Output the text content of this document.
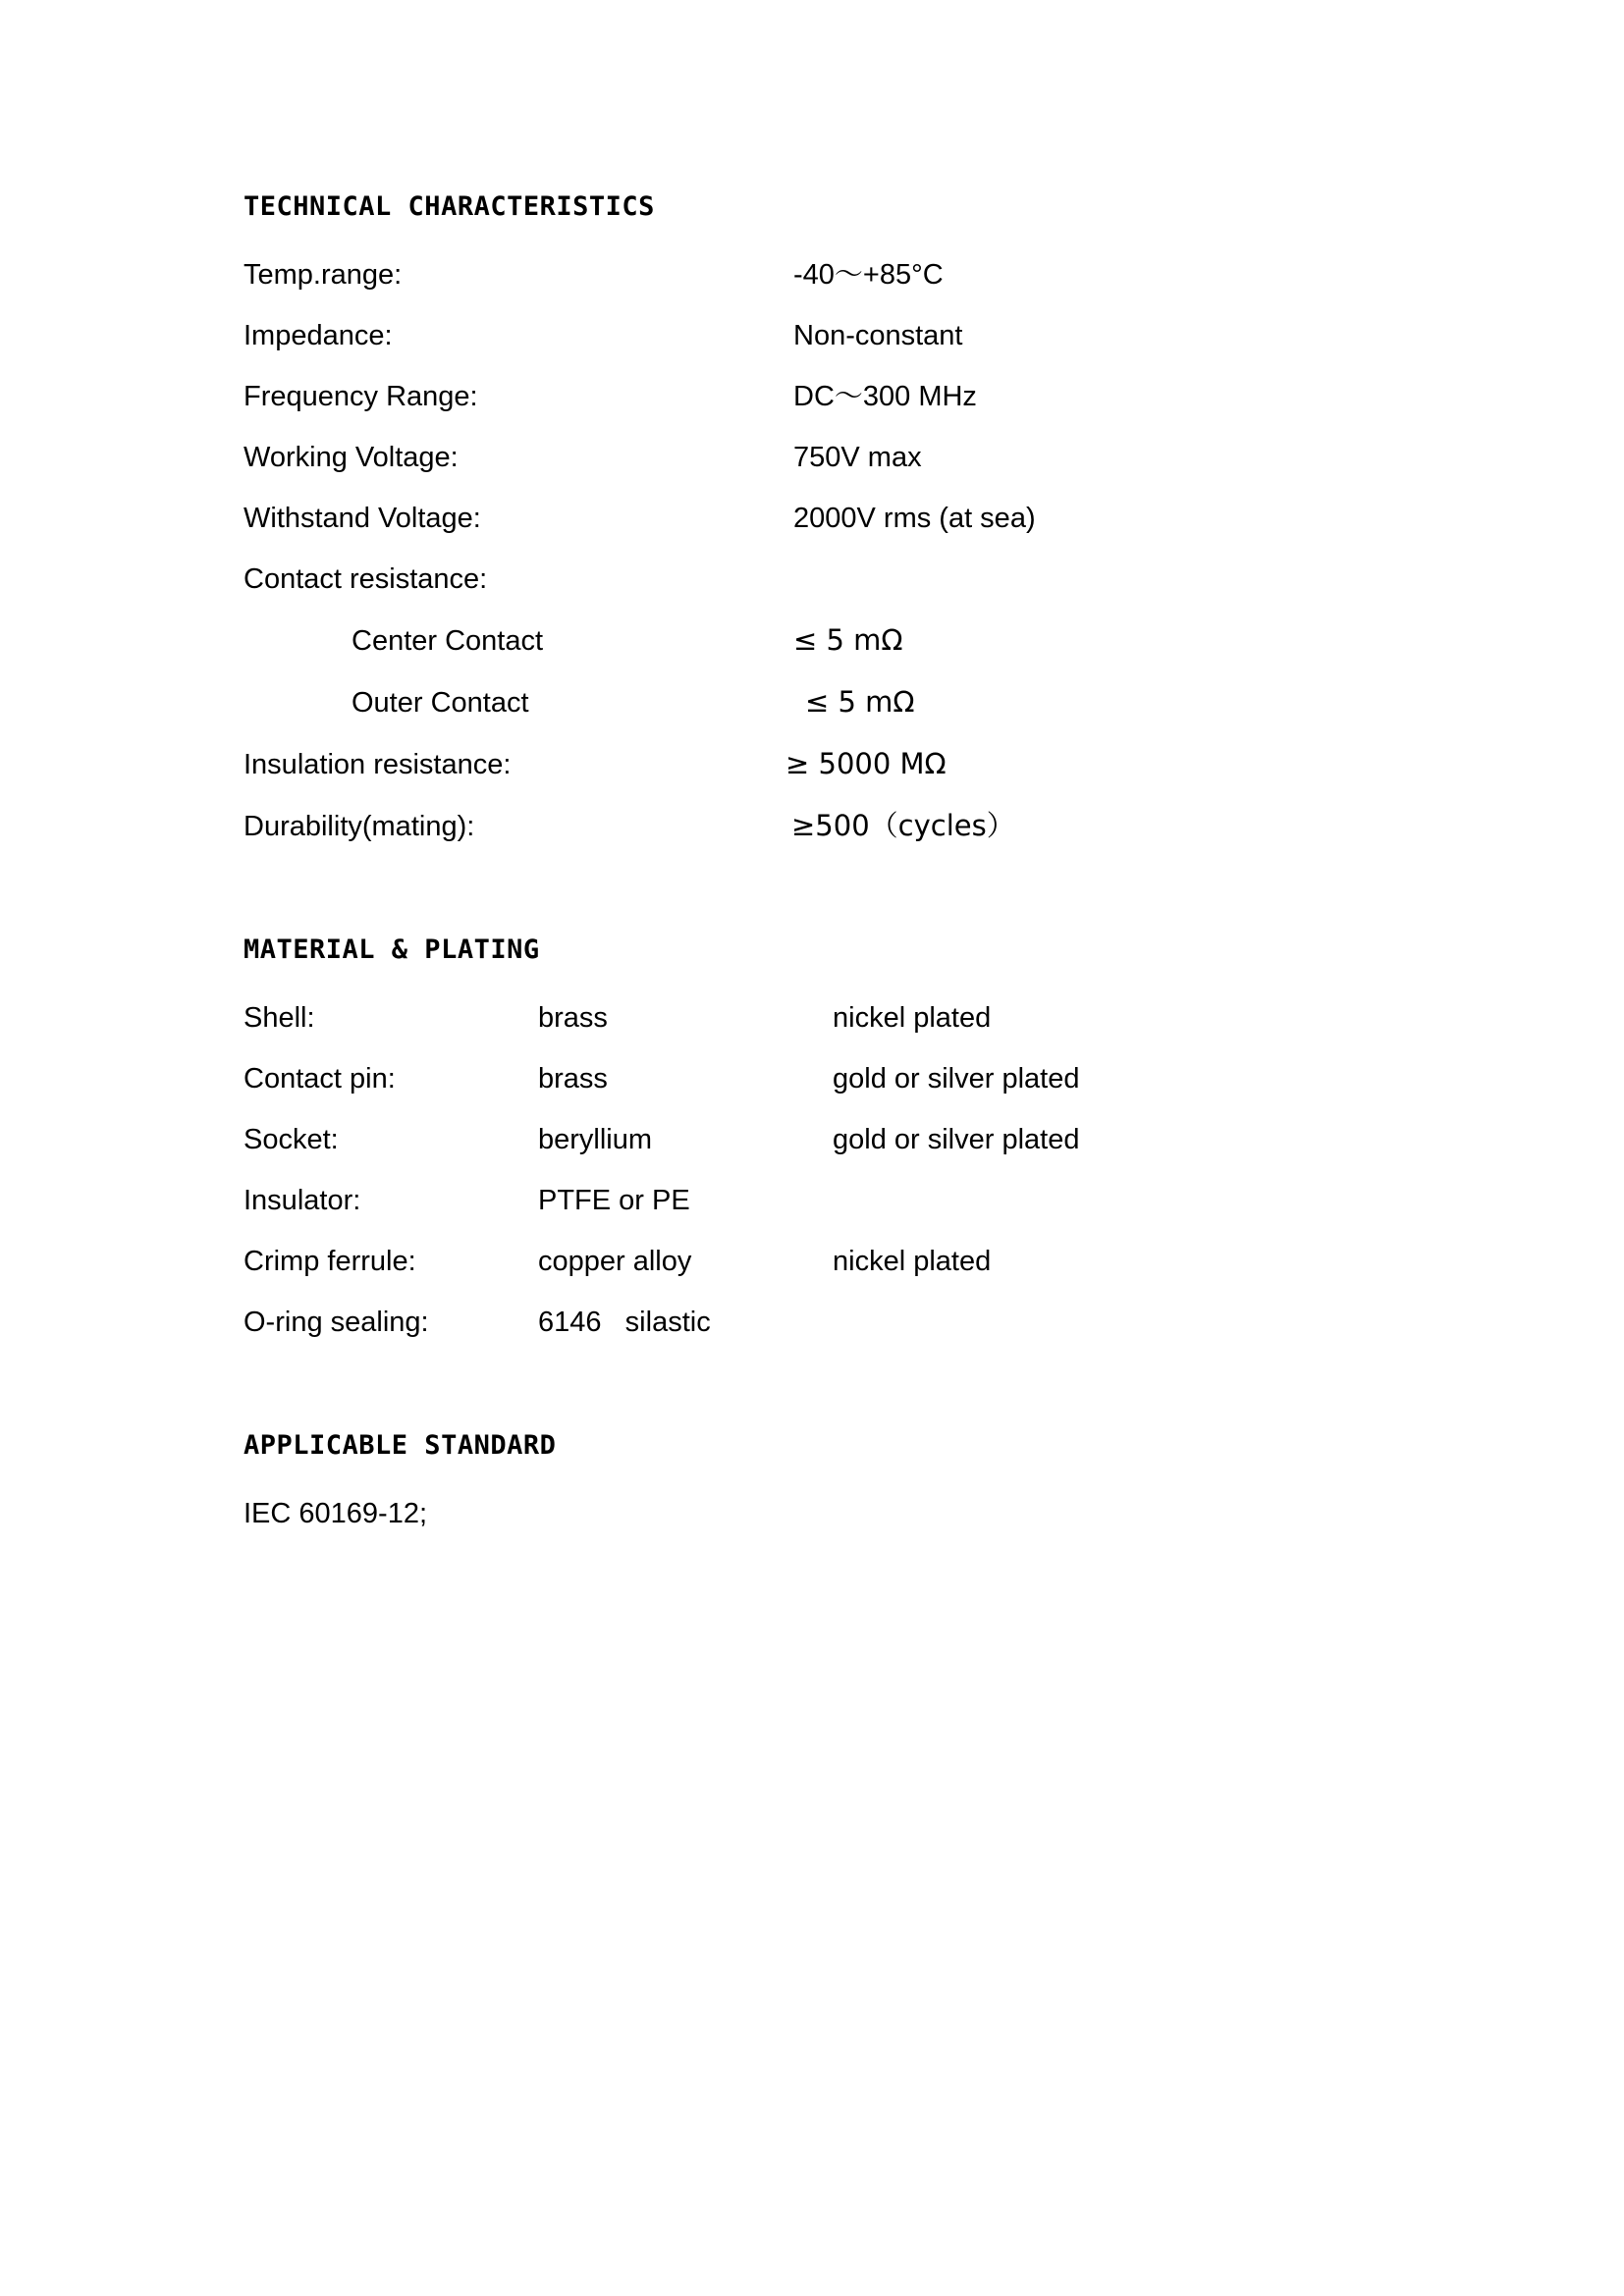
TECHNICAL CHARACTERISTICS
Temp.range:	-40～+85°C
Impedance:	Non-constant
Frequency Range:	DC～300 MHz
Working Voltage:	750V max
Withstand Voltage:	2000V rms (at sea)
Contact resistance:
Center Contact	≤ 5 mΩ
Outer Contact	≤ 5 mΩ
Insulation resistance:	≥ 5000 MΩ
Durability(mating):	≥500（cycles）
MATERIAL & PLATING
Shell:	brass	nickel plated
Contact pin:	brass	gold or silver plated
Socket:	beryllium	gold or silver plated
Insulator:	PTFE or PE
Crimp ferrule:	copper alloy	nickel plated
O-ring sealing:	6146   silastic
APPLICABLE STANDARD
IEC 60169-12;
